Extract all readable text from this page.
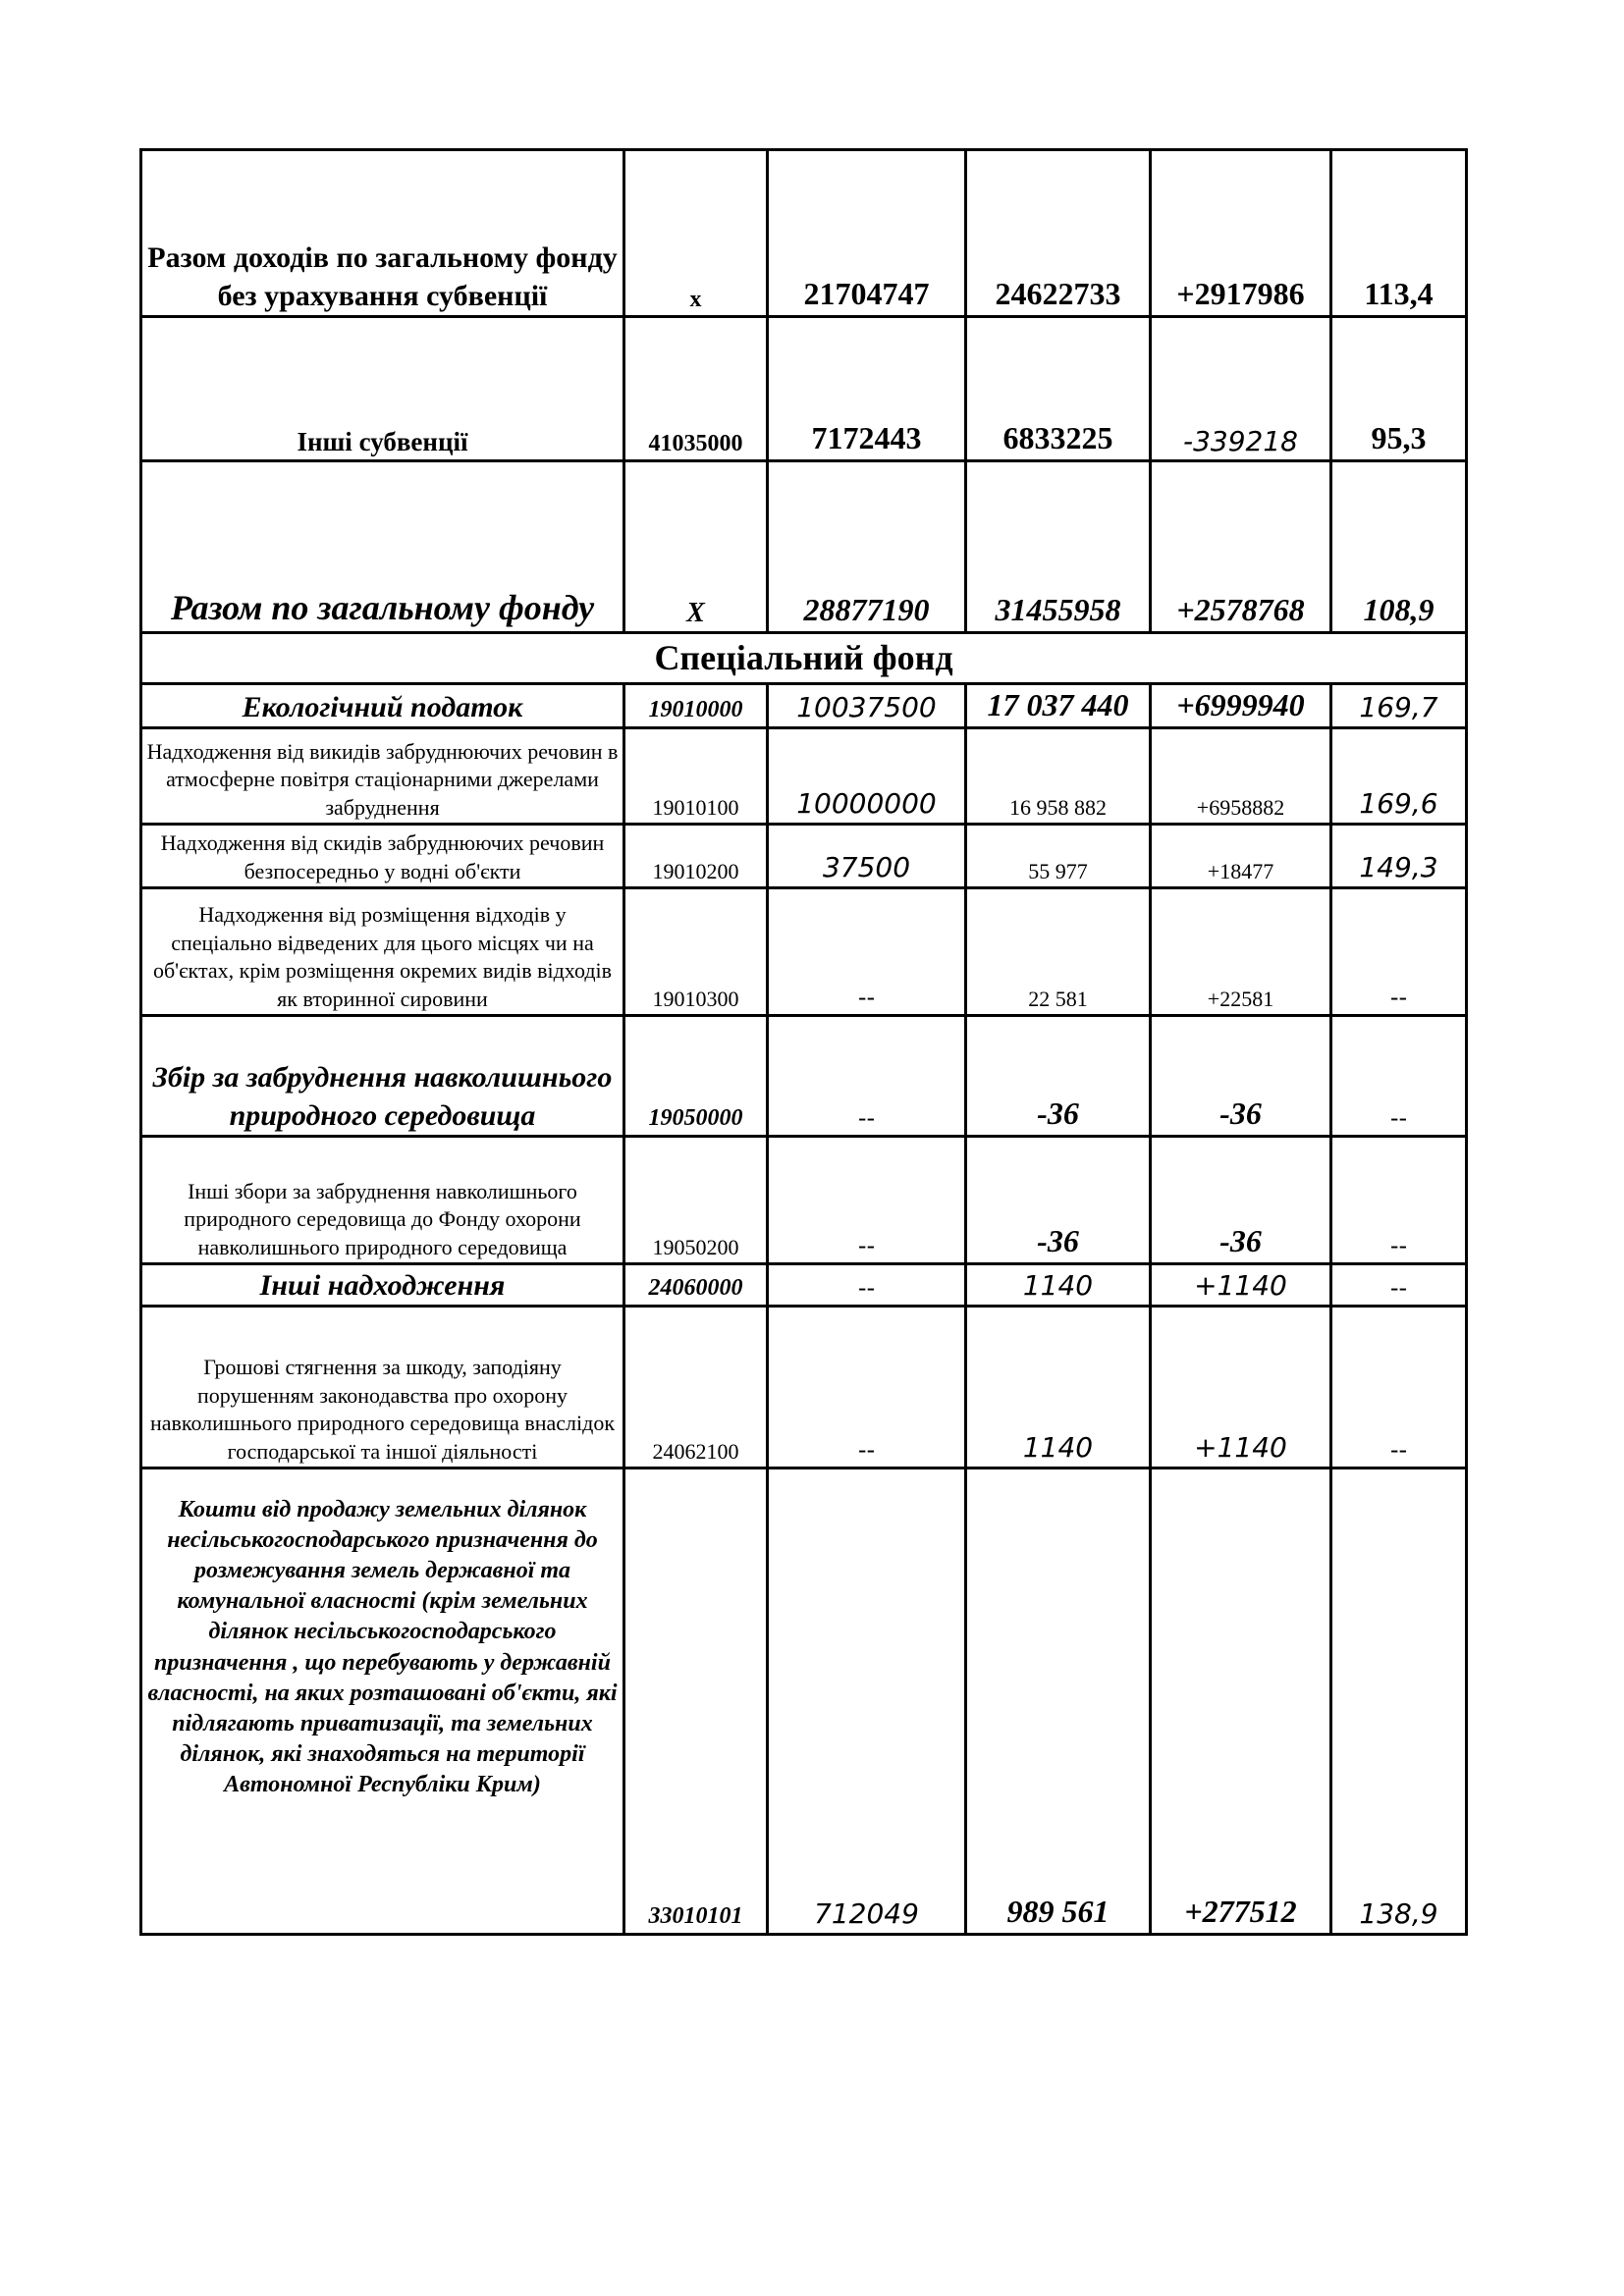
Разом доходів по загальному фонду без урахування субвенції	х	21704747	24622733	+2917986	113,4
Інші субвенції	41035000	7172443	6833225	-339218	95,3
Разом по загальному фонду	Х	28877190	31455958	+2578768	108,9
Спеціальний фонд					
Екологічний податок	19010000	10037500	17 037 440	+6999940	169,7
Надходження від викидів забруднюючих речовин в атмосферне повітря стаціонарними джерелами забруднення	19010100	10000000	16 958 882	+6958882	169,6
Надходження від скидів забруднюючих речовин безпосередньо у водні об'єкти	19010200	37500	55 977	+18477	149,3
Надходження від розміщення відходів у спеціально відведених для цього місцях чи на об'єктах, крім розміщення окремих видів відходів як вторинної сировини	19010300	--	22 581	+22581	--
Збір за забруднення навколишнього природного середовища	19050000	--	-36	-36	--
Інші збори за забруднення навколишнього природного середовища до Фонду охорони навколишнього природного середовища	19050200	--	-36	-36	--
Інші надходження	24060000	--	1140	+1140	--
Грошові стягнення за шкоду, заподіяну порушенням законодавства про охорону навколишнього природного середовища внаслідок господарської та іншої діяльності	24062100	--	1140	+1140	--
Кошти від продажу земельних ділянок несільськогосподарського призначення до розмежування земель державної та комунальної власності (крім земельних ділянок несільськогосподарського призначення , що перебувають у державній власності, на яких розташовані об'єкти, які підлягають приватизації, та земельних ділянок, які знаходяться на території Автономної Республіки Крим)	33010101	712049	989 561	+277512	138,9
